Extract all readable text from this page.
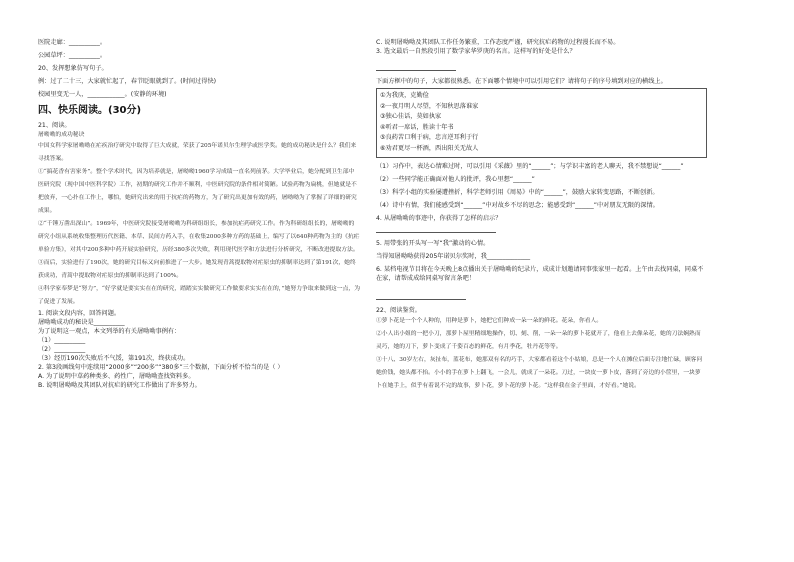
医院走廊：__________。
公园草坪：__________。
20、发挥想象仿写句子。
例：过了二十三，大家就忙起了，春节眨眼就到了。(时间过得快)
校园里变无一人，____________。(安静的环境)
四、快乐阅读。(30分)
21、阅读。
屠呦呦的成功秘诀
中国女科学家屠呦呦在疟疾治疗研究中取得了巨大成就，荣获了205年诺贝尔生理学或医学奖。她的成功秘诀是什么？我们来寻找答案。
①“搞花香有害家务”。整个学术时代，因为培养就是，屠呦呦1960学习成绩一直名列前茅。大学毕业后，她分配到卫生部中医研究院（现中国中医科学院）工作，初期的研究工作并不顺利，中医研究院的条件相对简陋。试验药物为扁桃，但她就是不把放弃，一心扑在工作上，哪怕，她研究出来的用于抗疟的药物方，为了研究出更加有效的药，屠呦呦为了掌握了详细的研究成果。
②“千锤万凿出深山”。1969年，中医研究院接受屠呦呦为科研组组长，参加抗疟药研究工作。作为科研组组长的，屠呦呦的研究小组从系统收集整理历代医籍、本草、民间方药入手，在收集2000多种方药的基础上，编写了以640种药物为主的《抗疟单验方集》，对其中200多种中药开展实验研究，历经380多次失败，利用现代医学和方法进行分析研究，不断改进提取方法。
③而后，实验进行了190次，她的研究目标又向前推进了一大步。她发现青蒿提取物对疟原虫的抑制率达到了第191次，她终获成功，青蒿中提取物对疟原虫的抑制率达到了100%。
④科学家奉梦是“努力”，“好学就是要实实在在的研究，踏踏实实做研究工作做要求实实在在的，”她努力争取来做到这一点，为了促进了发展。
1. 阅读文段内容，回答问题。
屠呦呦成功的秘诀是__________
为了说明这一观点，本文列举的有关屠呦呦事例有：
（1）__________
（2）__________
（3）经历190次失败后不气馁，第191次，终获成功。
2. 第3段画线句中连续用“2000多”“200多”“380多”三个数据，下面分析不恰当的是（ ）
A. 为了说明中草药种类多、药性广，屠呦呦查找资料多。
B. 说明屠呦呦及其团队对抗疟的研究工作做出了许多努力。
C. 说明屠呦呦及其团队工作任务繁重，工作态度严谨，研究抗疟药物的过程漫长而不易。
3. 选文最后一自然段引用了数学家华罗庚的名言。这样写的好处是什么？
下面方框中的句子，大家都很熟悉。在下面哪个情境中可以引用它们？请将句子的序号填到对应的横线上。
①为我庚，克勤俭
②一夜月明人尽望，不知秋思落谁家
③独心佳话，莫如执家
④听君一席话，胜读十年书
⑤良药苦口利于病，忠言逆耳利于行
⑥劝君更尽一杯酒，西出阳关无故人
（1）习作中，表达心情难过时，可以引用《采薇》里的“______”；与学识丰富的老人聊天，我不禁想说“______”
（2）一些同学能正确面对他人的批评，我心里想“______”
（3）科学小组的实验屡遭挫折，科学老师引用《周易》中的“______”，鼓励大家转变思路，不断创新。
（4）诗中有情，我们能感受到“______”中对故乡不尽的思念；能感受到“______”中对朋友无限的深情。
4. 从屠呦呦的事迹中，你获得了怎样的启示？
5. 用带张的开头写一写“我”激动的心情。
当得知屠呦呦获得205年诺贝尔奖时，我______________
6. 某档电视节目将在今天晚上8点播出关于屠呦呦的纪录片，成成计划邀请同事张家里一起看。上午由去找同桌，同桌不在家，请帮成成给同桌写留言条吧！
22、阅读鉴赏。
①萝卜花是一个个人种的，用种是萝卜，她把它们种成一朵一朵的鲜花。花朵，你看人。
②小人出小姐的一把小刀，那萝卜屋里精细地操作，切、刻、削，一朵一朵的萝卜花就开了，他看上去像朵花，她的刀法娴熟而灵巧，她的刀下，萝卜变成了千姿百态的鲜花，有月季花，牡丹花等等。
③十八、30岁左右，灰扯布，蓝花布，她那双有名的巧手，大家都看着这个小姑娘，总是一个人在摊位后面专注地忙碌，顾客问她价钱，她头都不抬。小小的手在萝卜上翻飞，一会儿，就成了一朵花。刀过，一块皮一萝卜皮，落到了旁边的小筐里，一块萝卜在她手上，似乎有着说不完的故事，萝卜花，萝卜花的萝卜花。“这样我在金子里面，才好看。”她说。
